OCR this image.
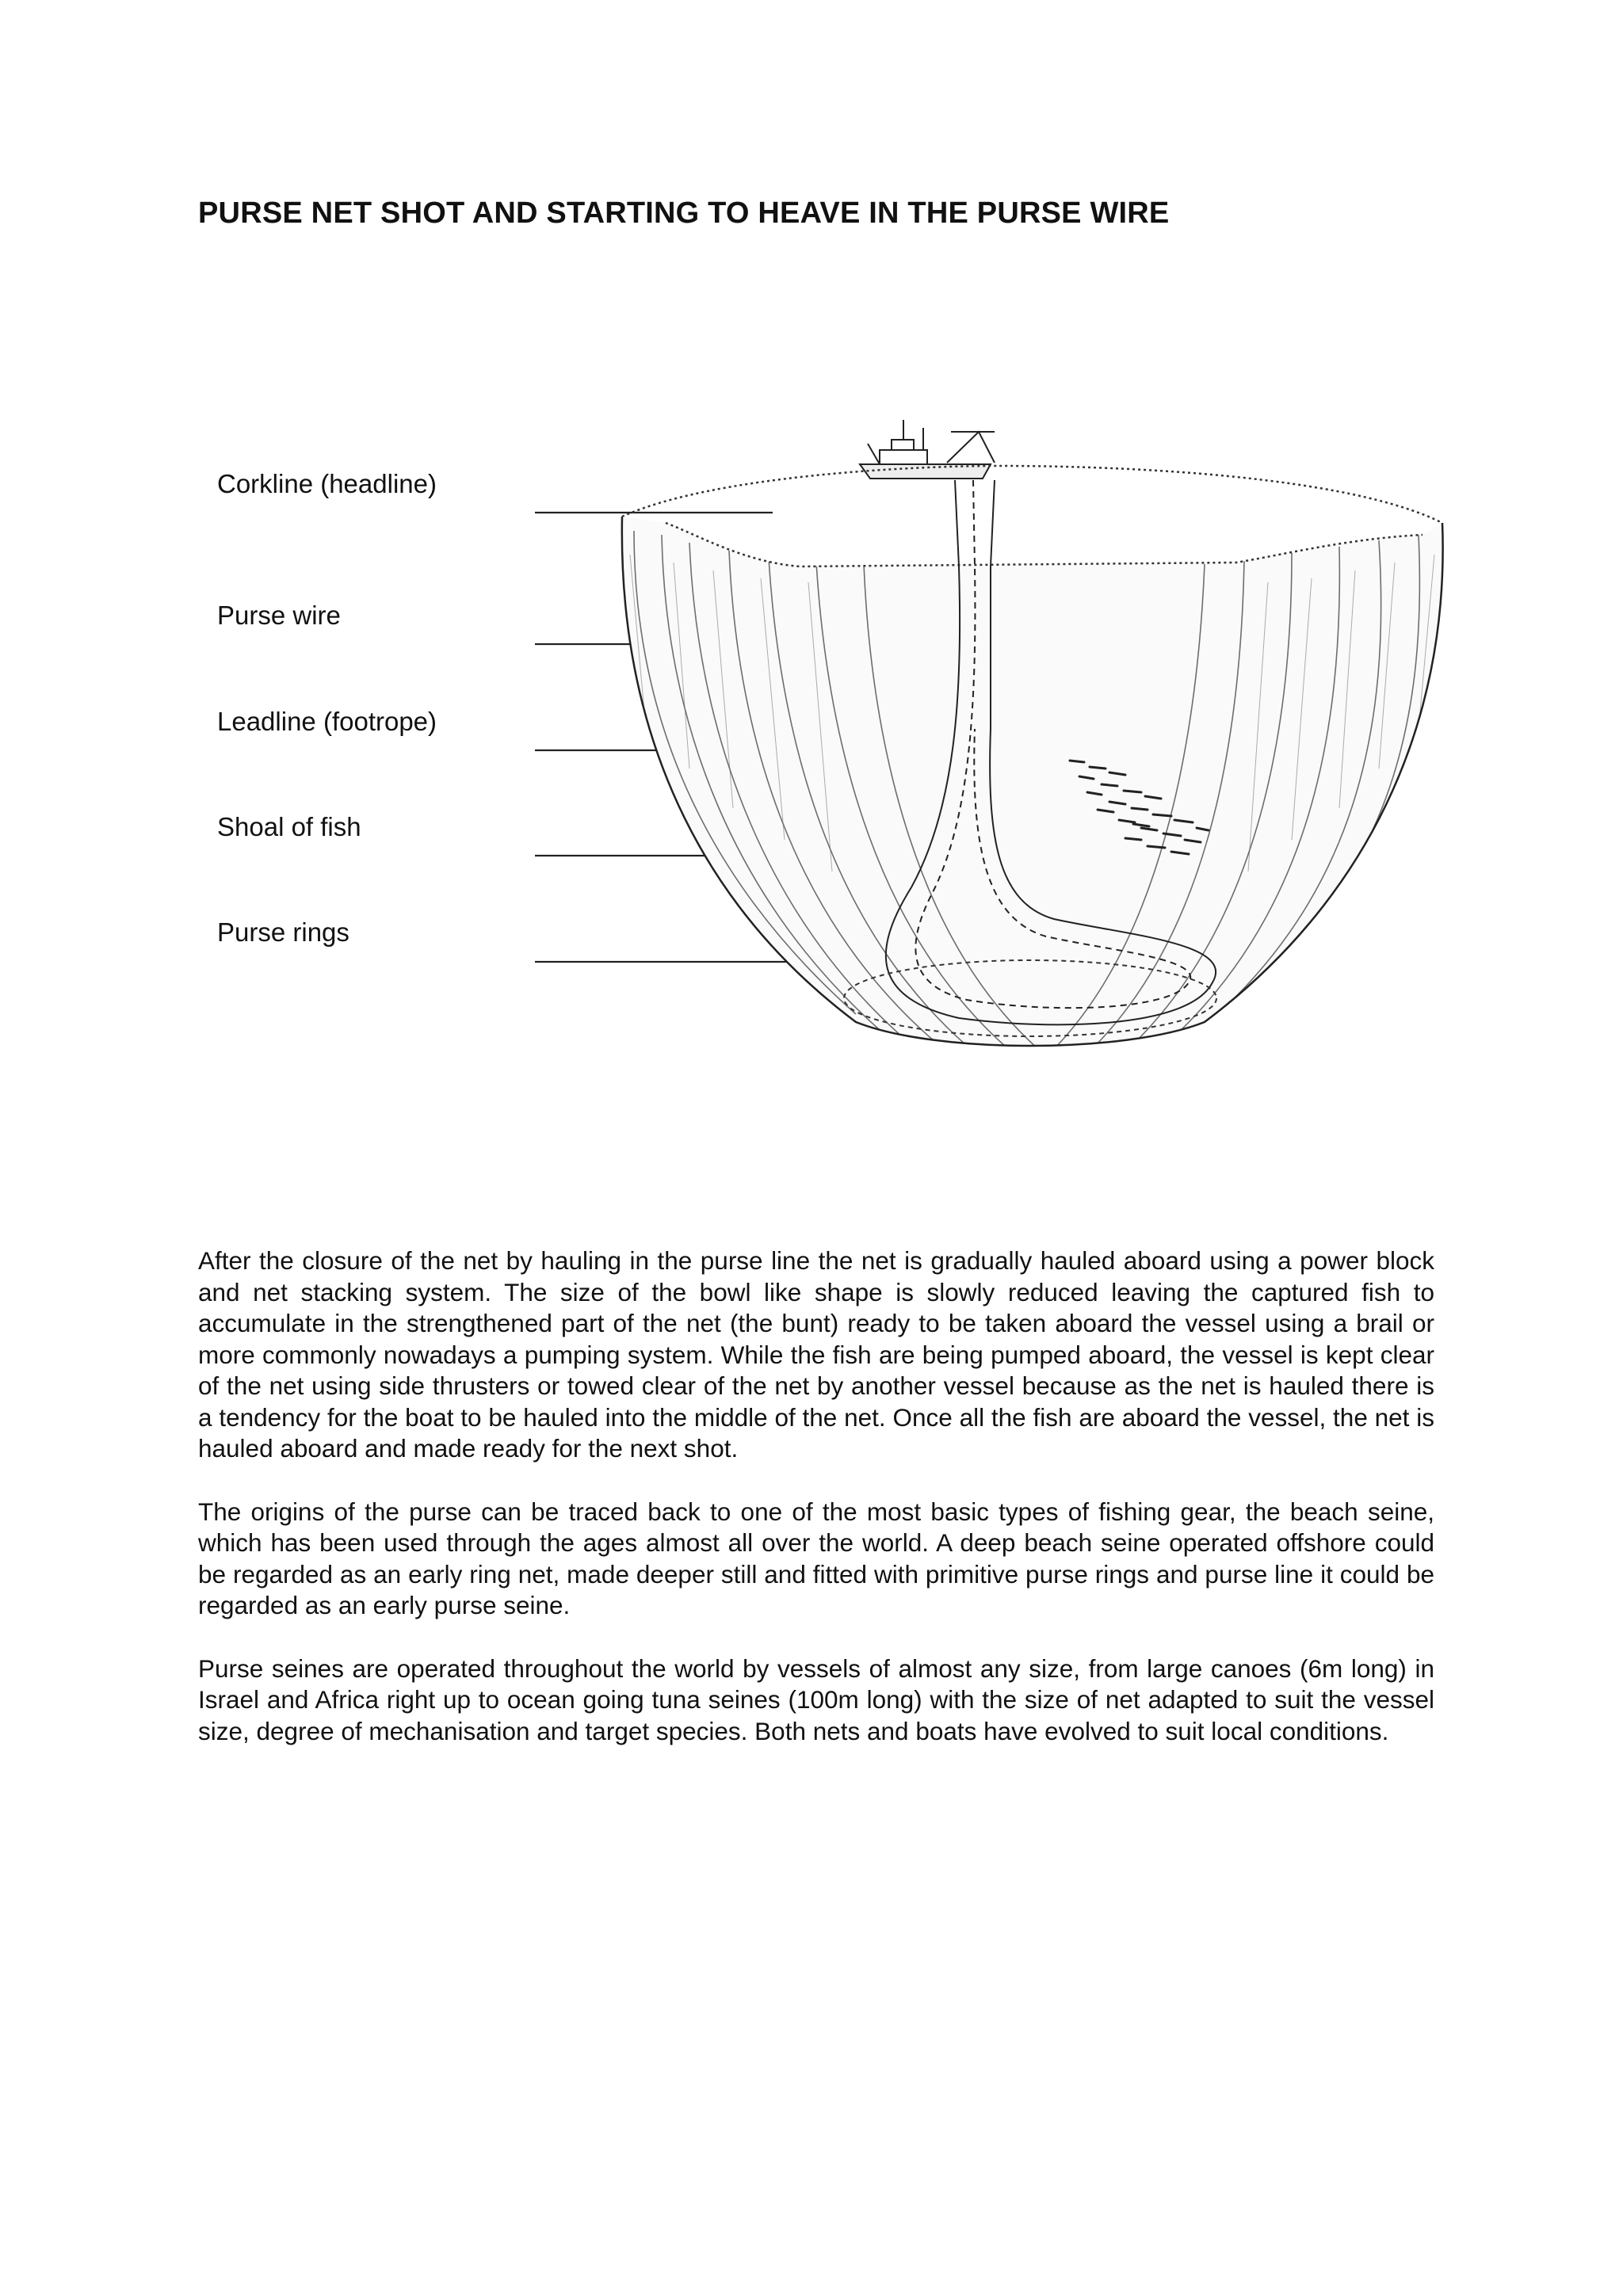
PURSE NET SHOT AND STARTING TO HEAVE IN THE PURSE WIRE
Corkline (headline)
Purse wire
Leadline (footrope)
Shoal of fish
Purse rings

After the closure of the net by hauling in the purse line the net is gradually hauled aboard using a power block and net stacking system. The size of the bowl like shape is slowly reduced leaving the captured fish to accumulate in the strengthened part of the net (the bunt) ready to be taken aboard the vessel using a brail or more commonly nowadays a pumping system. While the fish are being pumped aboard, the vessel is kept clear of the net using side thrusters or towed clear of the net by another vessel because as the net is hauled there is a tendency for the boat to be hauled into the middle of the net. Once all the fish are aboard the vessel, the net is hauled aboard and made ready for the next shot.

The origins of the purse can be traced back to one of the most basic types of fishing gear, the beach seine, which has been used through the ages almost all over the world. A deep beach seine operated offshore could be regarded as an early ring net, made deeper still and fitted with primitive purse rings and purse line it could be regarded as an early purse seine.

Purse seines are operated throughout the world by vessels of almost any size, from large canoes (6m long) in Israel and Africa right up to ocean going tuna seines (100m long) with the size of net adapted to suit the vessel size, degree of mechanisation and target species. Both nets and boats have evolved to suit local conditions.
